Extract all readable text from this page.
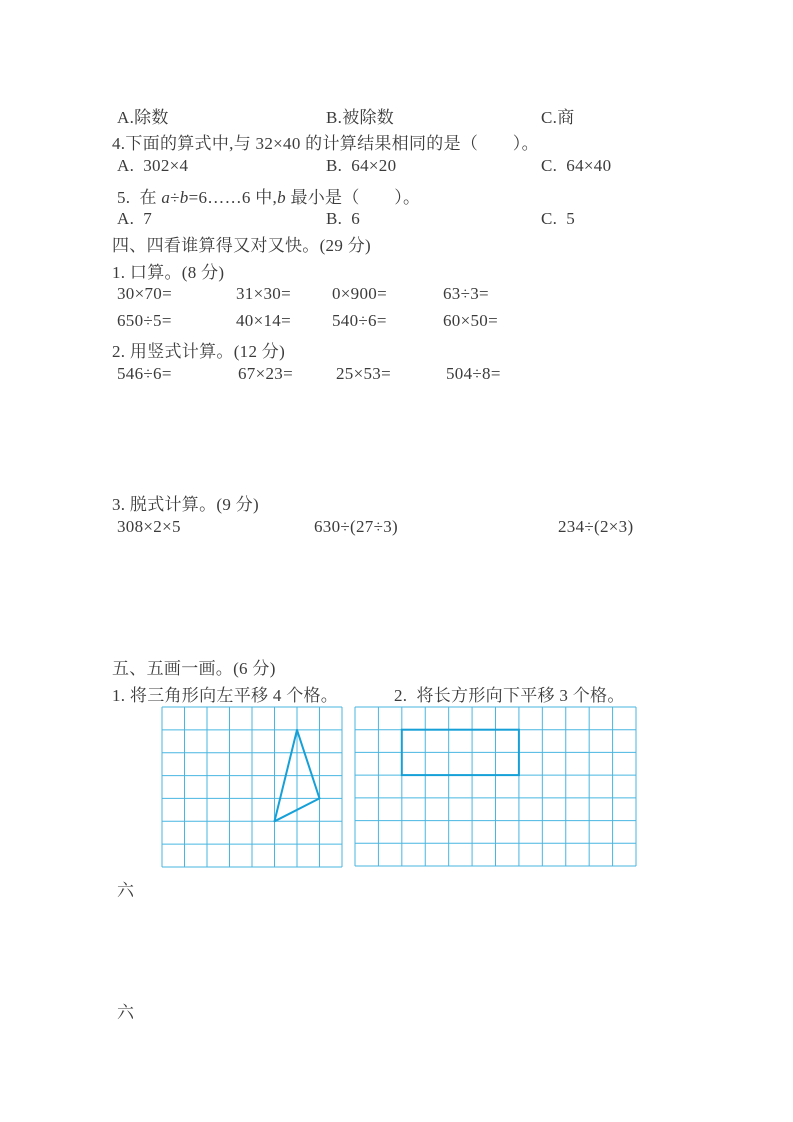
A.除数	B.被除数	C.商
4.下面的算式中,与 32×40 的计算结果相同的是（　　）。
A.  302×4	B.  64×20	C.  64×40
5.  在 a÷b=6……6 中,b 最小是（　　）。
A.  7	B.  6	C.  5
四、四看谁算得又对又快。(29 分)
1. 口算。(8 分)
30×70=	31×30= 0×900=	63÷3=
650÷5=	40×14= 540÷6=	60×50=
2. 用竖式计算。(12 分)
546÷6=	67×23=	25×53=	504÷8=
3. 脱式计算。(9 分)
308×2×5	630÷(27÷3)	234÷(2×3)
五、五画一画。(6 分)
1. 将三角形向左平移 4 个格。	2.  将长方形向下平移 3 个格。
六
六
